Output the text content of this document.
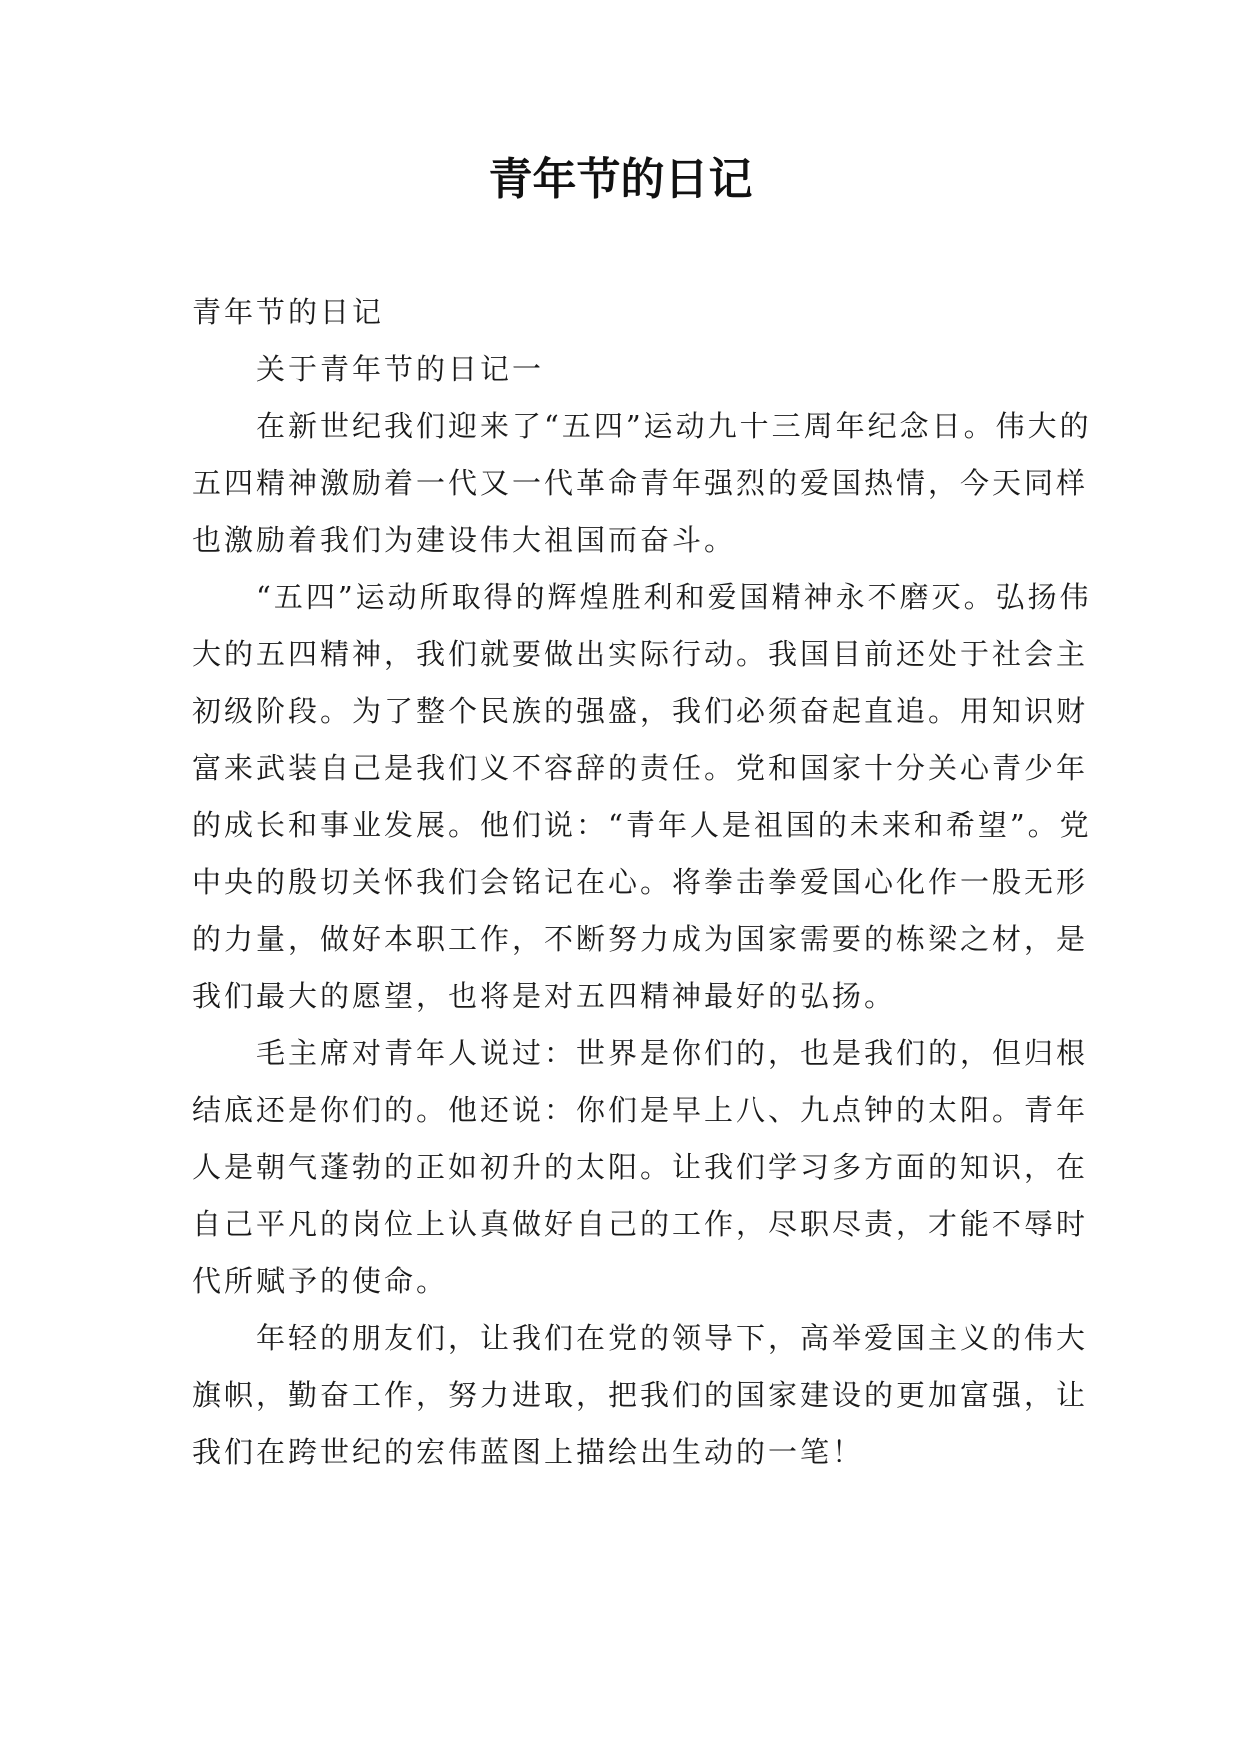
青年节的日记

青年节的日记

关于青年节的日记一

在新世纪我们迎来了“五四”运动九十三周年纪念日。伟大的五四精神激励着一代又一代革命青年强烈的爱国热情，今天同样也激励着我们为建设伟大祖国而奋斗。

“五四”运动所取得的辉煌胜利和爱国精神永不磨灭。弘扬伟大的五四精神，我们就要做出实际行动。我国目前还处于社会主初级阶段。为了整个民族的强盛，我们必须奋起直追。用知识财富来武装自己是我们义不容辞的责任。党和国家十分关心青少年的成长和事业发展。他们说：“青年人是祖国的未来和希望”。党中央的殷切关怀我们会铭记在心。将拳击拳爱国心化作一股无形的力量，做好本职工作，不断努力成为国家需要的栋梁之材，是我们最大的愿望，也将是对五四精神最好的弘扬。

毛主席对青年人说过：世界是你们的，也是我们的，但归根结底还是你们的。他还说：你们是早上八、九点钟的太阳。青年人是朝气蓬勃的正如初升的太阳。让我们学习多方面的知识，在自己平凡的岗位上认真做好自己的工作，尽职尽责，才能不辱时代所赋予的使命。

年轻的朋友们，让我们在党的领导下，高举爱国主义的伟大旗帜，勤奋工作，努力进取，把我们的国家建设的更加富强，让我们在跨世纪的宏伟蓝图上描绘出生动的一笔！
